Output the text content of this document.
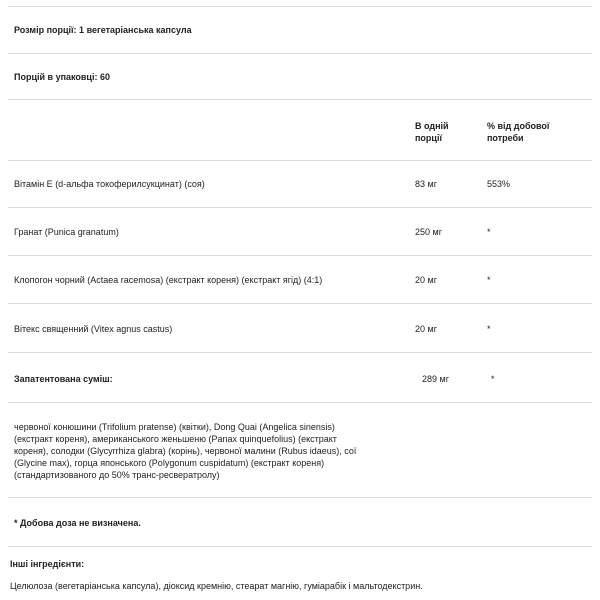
Розмір порції: 1 вегетаріанська капсула
Порцій в упаковці: 60
В одній
порції
% від добової
потреби
Вітамін E (d-альфа токоферилсукцинат) (соя)	83 мг	553%
Гранат (Punica granatum)	250 мг	*
Клопогон чорний (Actaea racemosa) (екстракт кореня) (екстракт ягід) (4:1)	20 мг	*
Вітекс священний (Vitex agnus castus)	20 мг	*
Запатентована суміш:	289 мг	*
червоної конюшини (Trifolium pratense) (квітки), Dong Quai (Angelica sinensis)
(екстракт кореня), американського женьшеню (Panax quinquefolius) (екстракт
кореня), солодки (Glycyrrhiza glabra) (корінь), червоної малини (Rubus idaeus), сої
(Glycine max), горца японського (Polygonum cuspidatum) (екстракт кореня)
(стандартизованого до 50% транс-ресвератролу)
* Добова доза не визначена.
Інші інгредієнти:
Целюлоза (вегетаріанська капсула), діоксид кремнію, стеарат магнію, гуміарабік і мальтодекстрин.
